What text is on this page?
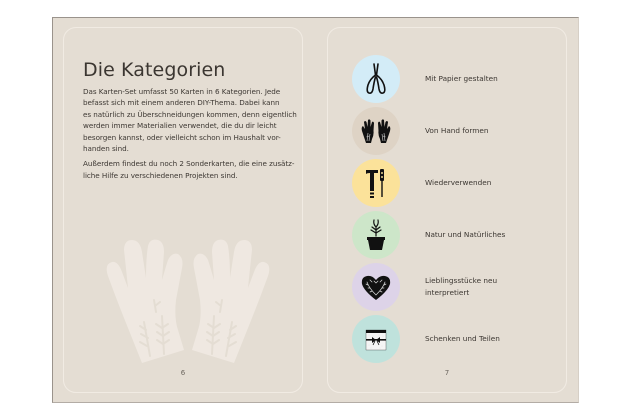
Die Kategorien

Das Karten-Set umfasst 50 Karten in 6 Kategorien. Jede
befasst sich mit einem anderen DIY-Thema. Dabei kann
es natürlich zu Überschneidungen kommen, denn eigentlich
werden immer Materialien verwendet, die du dir leicht
besorgen kannst, oder vielleicht schon im Haushalt vor-
handen sind.

Außerdem findest du noch 2 Sonderkarten, die eine zusätz-
liche Hilfe zu verschiedenen Projekten sind.

6
Mit Papier gestalten
Von Hand formen
Wiederverwenden
Natur und Natürliches
Lieblingsstücke neu
interpretiert
Schenken und Teilen
7
